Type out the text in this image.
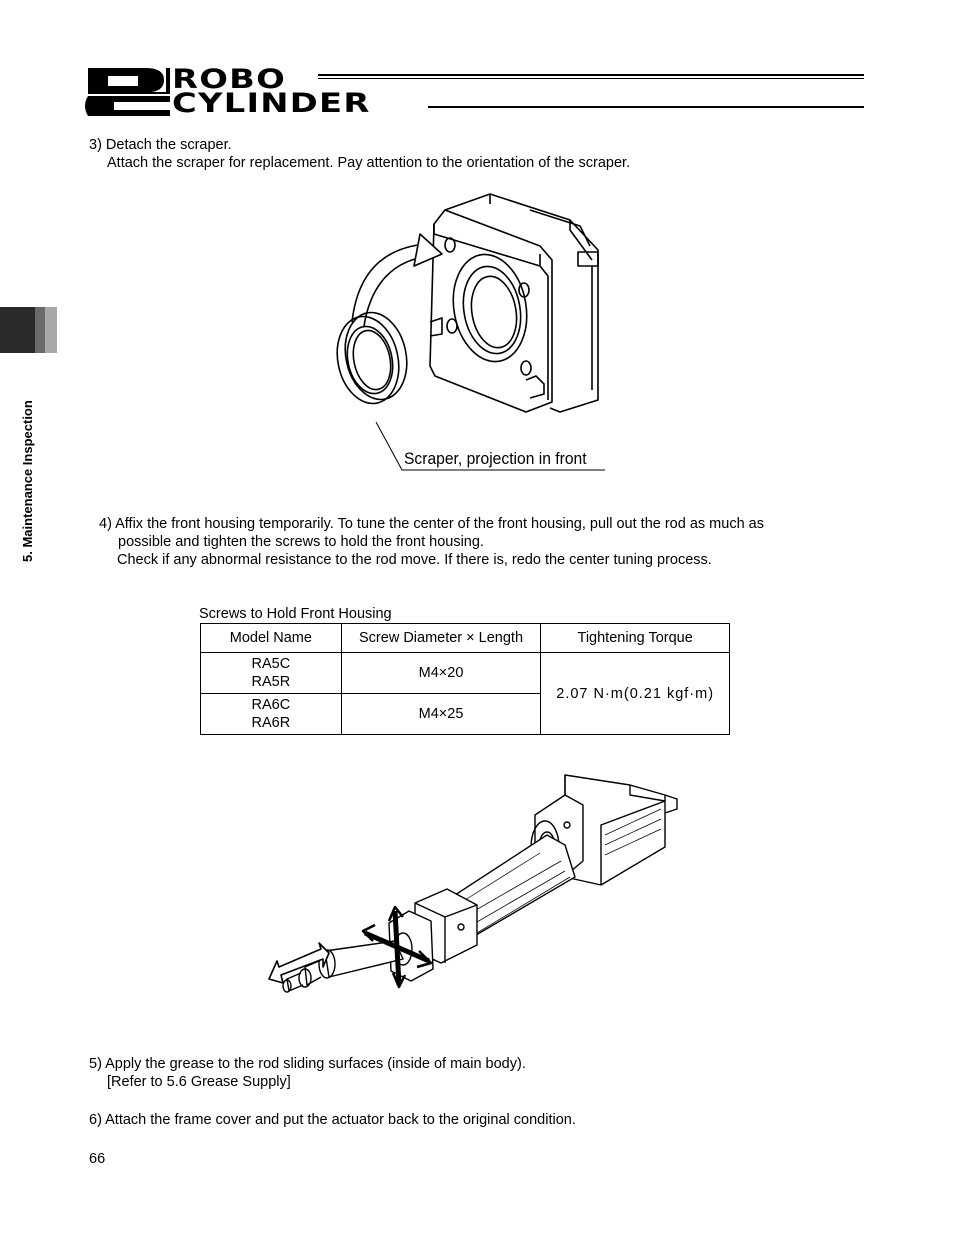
ROBO
CYLINDER
5. Maintenance Inspection
3) Detach the scraper.
Attach the scraper for replacement. Pay attention to the orientation of the scraper.
Scraper, projection in front
4) Affix the front housing temporarily. To tune the center of the front housing, pull out the rod as much as
possible and tighten the screws to hold the front housing.
Check if any abnormal resistance to the rod move. If there is, redo the center tuning process.
Screws to Hold Front Housing
Model Name	Screw Diameter × Length	Tightening Torque

RA5C
RA5R	M4×20	2.07 N·m(0.21 kgf·m)

RA6C
RA6R	M4×25	
5) Apply the grease to the rod sliding surfaces (inside of main body).
[Refer to 5.6 Grease Supply]
6) Attach the frame cover and put the actuator back to the original condition.
66
